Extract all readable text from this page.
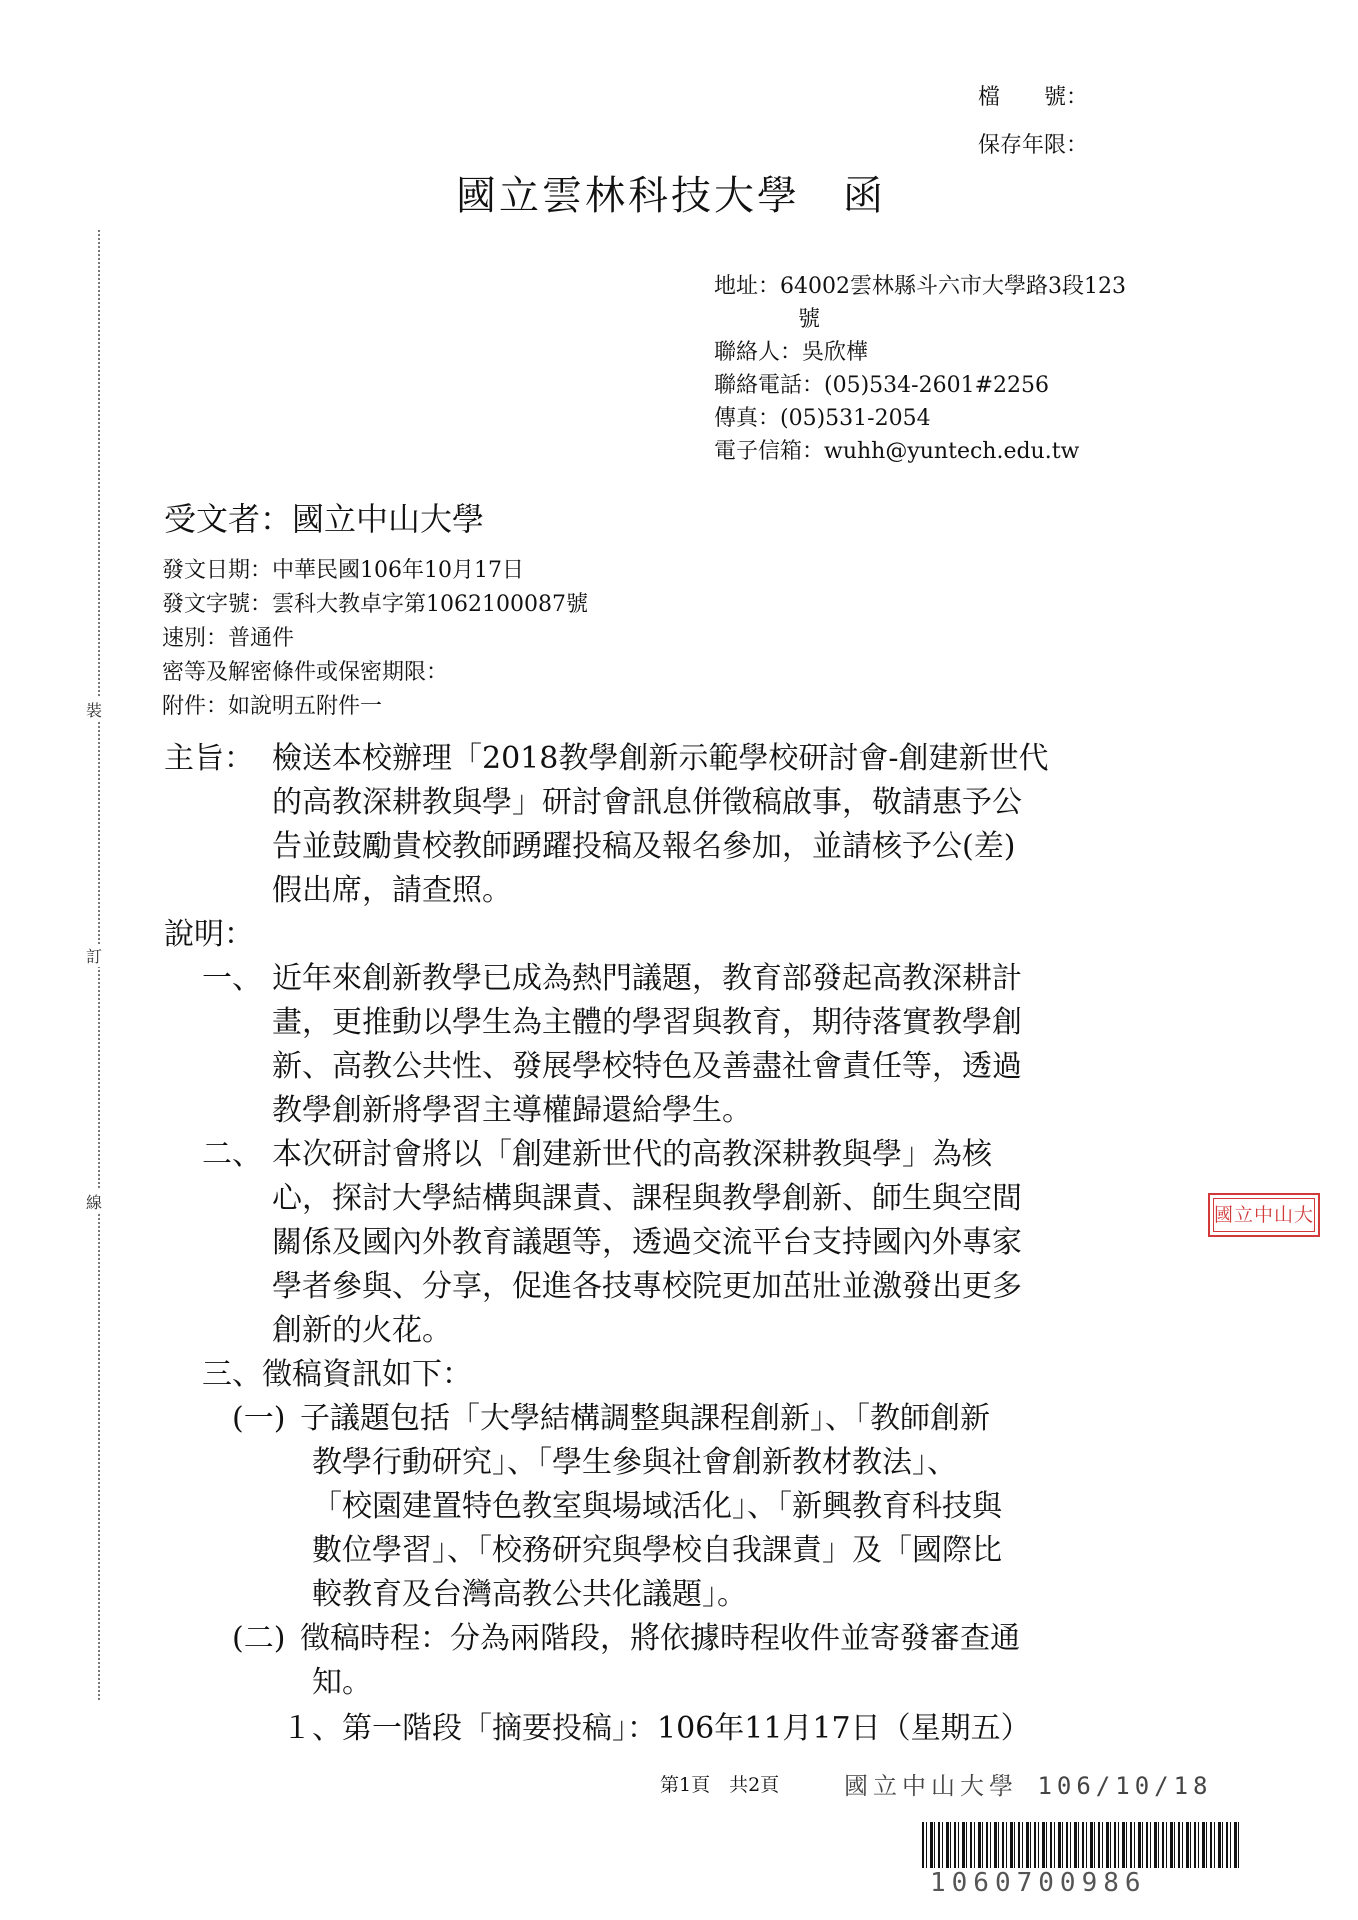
檔　　號：
保存年限：
國立雲林科技大學　函
地址：64002雲林縣斗六市大學路3段123
號
聯絡人：吳欣樺
聯絡電話：(05)534-2601#2256
傳真：(05)531-2054
電子信箱：wuhh@yuntech.edu.tw
受文者：國立中山大學
發文日期：中華民國106年10月17日
發文字號：雲科大教卓字第1062100087號
速別：普通件
密等及解密條件或保密期限：
附件：如說明五附件一
裝
訂
線
主旨： 檢送本校辦理「2018教學創新示範學校研討會-創建新世代
的高教深耕教與學」研討會訊息併徵稿啟事，敬請惠予公
告並鼓勵貴校教師踴躍投稿及報名參加，並請核予公(差)
假出席，請查照。
說明：
一、 近年來創新教學已成為熱門議題，教育部發起高教深耕計
畫，更推動以學生為主體的學習與教育，期待落實教學創
新、高教公共性、發展學校特色及善盡社會責任等，透過
教學創新將學習主導權歸還給學生。
二、 本次研討會將以「創建新世代的高教深耕教與學」為核
心，探討大學結構與課責、課程與教學創新、師生與空間
關係及國內外教育議題等，透過交流平台支持國內外專家
學者參與、分享，促進各技專校院更加茁壯並激發出更多
創新的火花。
三、徵稿資訊如下：
(一) 子議題包括「大學結構調整與課程創新」、「教師創新
教學行動研究」、「學生參與社會創新教材教法」、
「校園建置特色教室與場域活化」、「新興教育科技與
數位學習」、「校務研究與學校自我課責」及「國際比
較教育及台灣高教公共化議題」。
(二) 徵稿時程：分為兩階段，將依據時程收件並寄發審查通
知。
１、第一階段「摘要投稿」：106年11月17日（星期五）
國立中山大
第1頁　共2頁	國立中山大學 106/10/18
1060700986
